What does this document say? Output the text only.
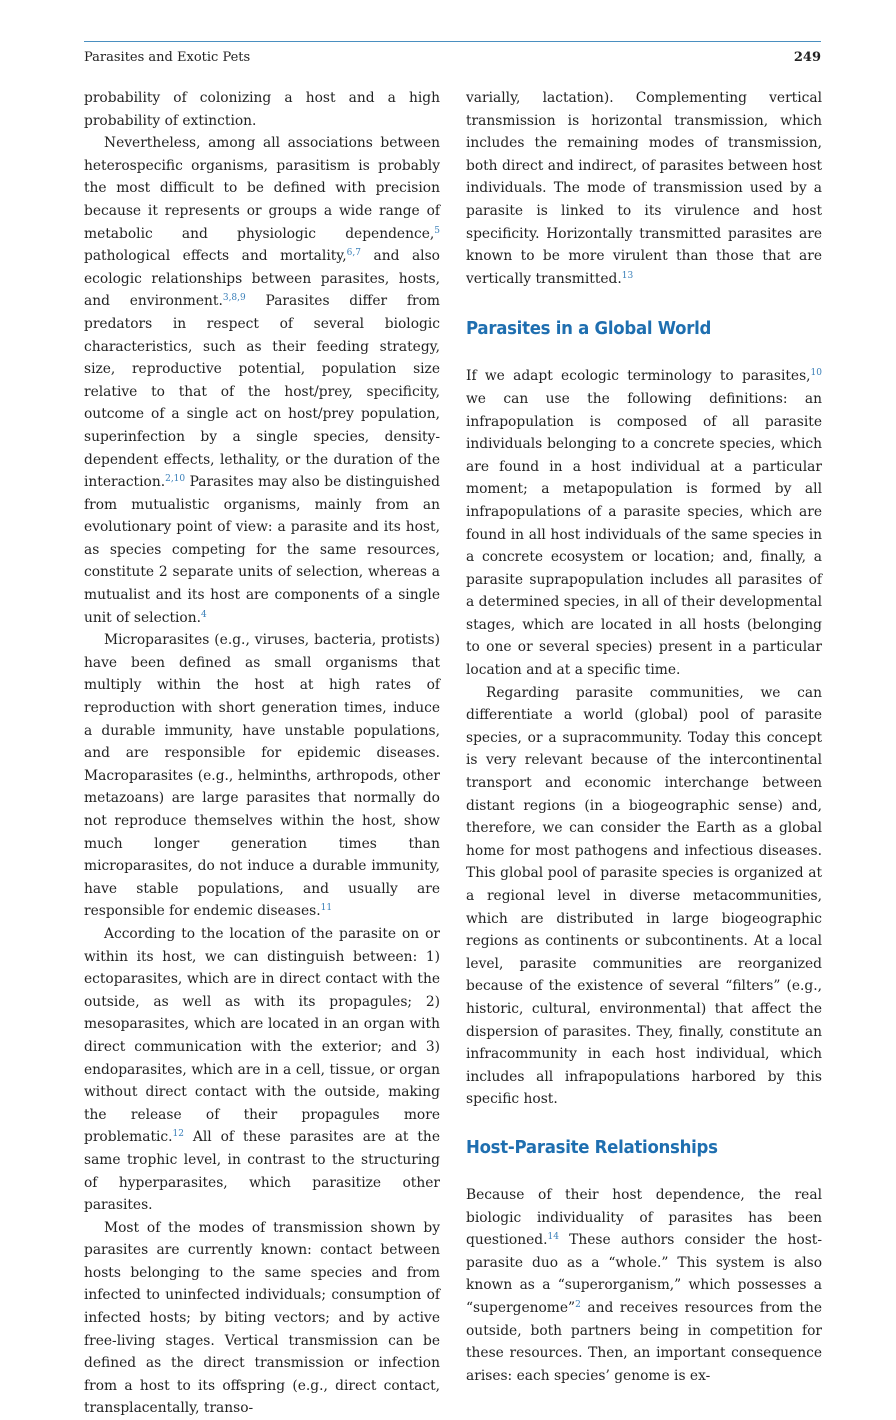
Parasites and Exotic Pets	249

probability of colonizing a host and a high probability of extinction.

Nevertheless, among all associations between heterospecific organisms, parasitism is probably the most difficult to be defined with precision because it represents or groups a wide range of metabolic and physiologic dependence,$^5$ pathological effects and mortality,$^{6,7}$ and also ecologic relationships between parasites, hosts, and environment.$^{3,8,9}$ Parasites differ from predators in respect of several biologic characteristics, such as their feeding strategy, size, reproductive potential, population size relative to that of the host/prey, specificity, outcome of a single act on host/prey population, superinfection by a single species, density-dependent effects, lethality, or the duration of the interaction.$^{2,10}$ Parasites may also be distinguished from mutualistic organisms, mainly from an evolutionary point of view: a parasite and its host, as species competing for the same resources, constitute 2 separate units of selection, whereas a mutualist and its host are components of a single unit of selection.$^4$

Microparasites (e.g., viruses, bacteria, protists) have been defined as small organisms that multiply within the host at high rates of reproduction with short generation times, induce a durable immunity, have unstable populations, and are responsible for epidemic diseases. Macroparasites (e.g., helminths, arthropods, other metazoans) are large parasites that normally do not reproduce themselves within the host, show much longer generation times than microparasites, do not induce a durable immunity, have stable populations, and usually are responsible for endemic diseases.$^{11}$

According to the location of the parasite on or within its host, we can distinguish between: 1) ectoparasites, which are in direct contact with the outside, as well as with its propagules; 2) mesoparasites, which are located in an organ with direct communication with the exterior; and 3) endoparasites, which are in a cell, tissue, or organ without direct contact with the outside, making the release of their propagules more problematic.$^{12}$ All of these parasites are at the same trophic level, in contrast to the structuring of hyperparasites, which parasitize other parasites.

Most of the modes of transmission shown by parasites are currently known: contact between hosts belonging to the same species and from infected to uninfected individuals; consumption of infected hosts; by biting vectors; and by active free-living stages. Vertical transmission can be defined as the direct transmission or infection from a host to its offspring (e.g., direct contact, transplacentally, transo-

varially, lactation). Complementing vertical transmission is horizontal transmission, which includes the remaining modes of transmission, both direct and indirect, of parasites between host individuals. The mode of transmission used by a parasite is linked to its virulence and host specificity. Horizontally transmitted parasites are known to be more virulent than those that are vertically transmitted.$^{13}$

Parasites in a Global World

If we adapt ecologic terminology to parasites,$^{10}$ we can use the following definitions: an infrapopulation is composed of all parasite individuals belonging to a concrete species, which are found in a host individual at a particular moment; a metapopulation is formed by all infrapopulations of a parasite species, which are found in all host individuals of the same species in a concrete ecosystem or location; and, finally, a parasite suprapopulation includes all parasites of a determined species, in all of their developmental stages, which are located in all hosts (belonging to one or several species) present in a particular location and at a specific time.

Regarding parasite communities, we can differentiate a world (global) pool of parasite species, or a supracommunity. Today this concept is very relevant because of the intercontinental transport and economic interchange between distant regions (in a biogeographic sense) and, therefore, we can consider the Earth as a global home for most pathogens and infectious diseases. This global pool of parasite species is organized at a regional level in diverse metacommunities, which are distributed in large biogeographic regions as continents or subcontinents. At a local level, parasite communities are reorganized because of the existence of several “filters” (e.g., historic, cultural, environmental) that affect the dispersion of parasites. They, finally, constitute an infracommunity in each host individual, which includes all infrapopulations harbored by this specific host.

Host-Parasite Relationships

Because of their host dependence, the real biologic individuality of parasites has been questioned.$^{14}$ These authors consider the host-parasite duo as a “whole.” This system is also known as a “superorganism,” which possesses a “supergenome”$^2$ and receives resources from the outside, both partners being in competition for these resources. Then, an important consequence arises: each species’ genome is ex-
